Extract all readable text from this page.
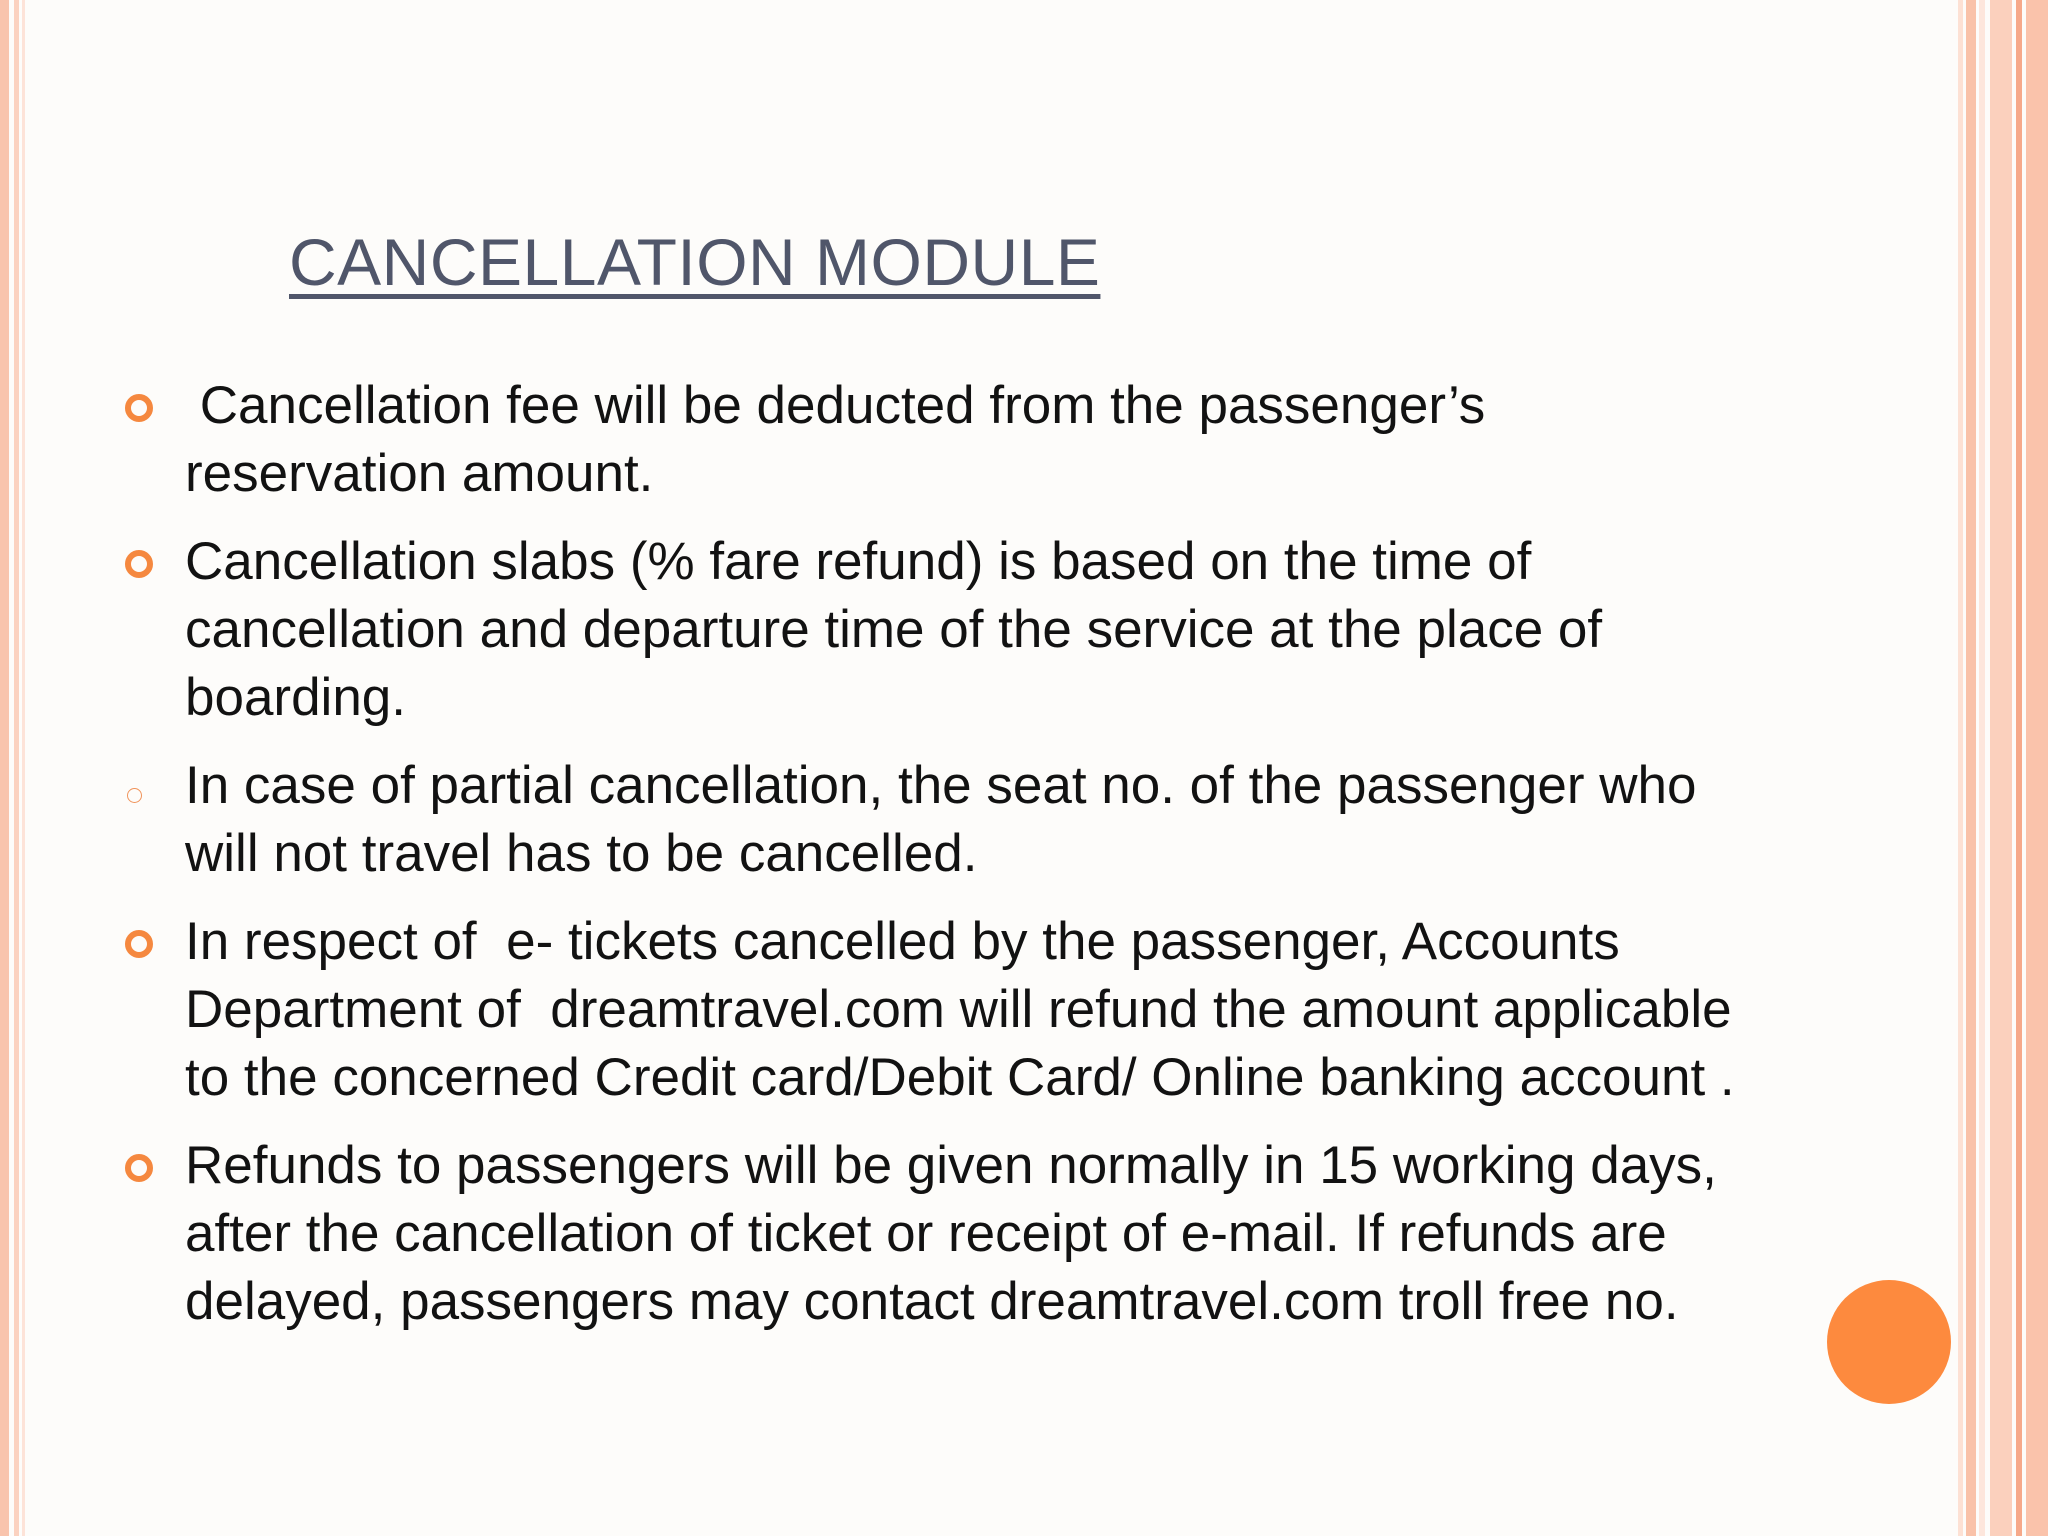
CANCELLATION MODULE
Cancellation fee will be deducted from the passenger’s reservation amount.
Cancellation slabs (% fare refund) is based on the time of cancellation and departure time of the service at the place of boarding.
In case of partial cancellation, the seat no. of the passenger who will not travel has to be cancelled.
In respect of  e- tickets cancelled by the passenger, Accounts Department of  dreamtravel.com will refund the amount applicable to the concerned Credit card/Debit Card/ Online banking account .
Refunds to passengers will be given normally in 15 working days, after the cancellation of ticket or receipt of e-mail. If refunds are delayed, passengers may contact dreamtravel.com troll free no.
